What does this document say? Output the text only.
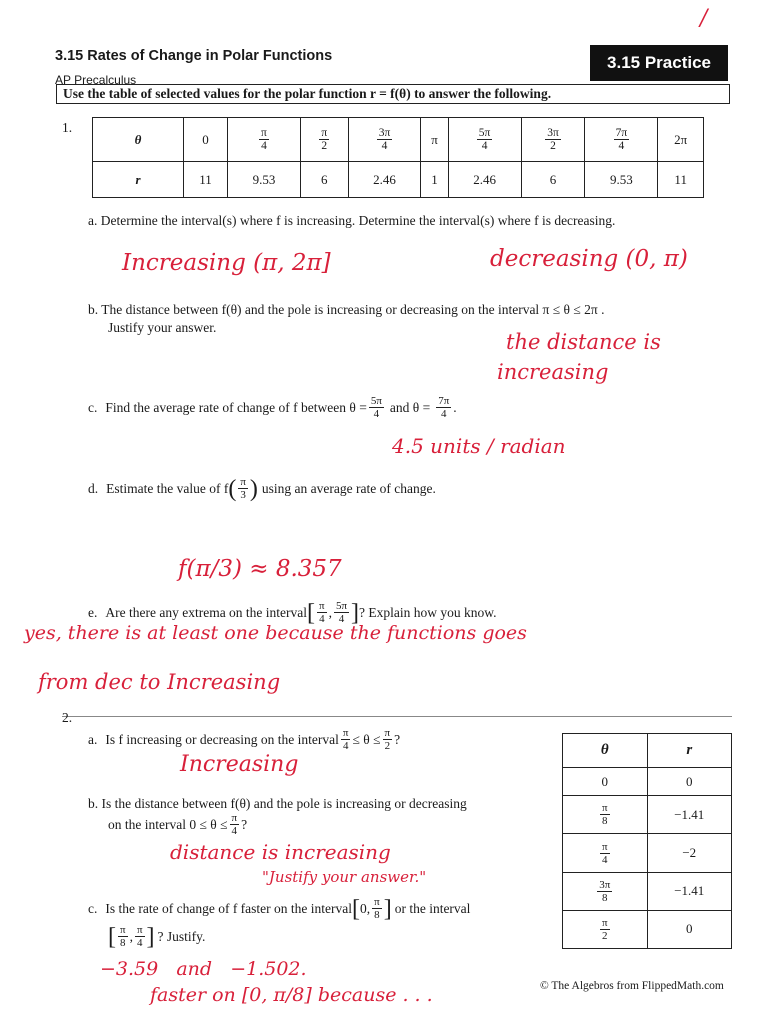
/
3.15 Rates of Change in Polar Functions
AP Precalculus
3.15 Practice
Use the table of selected values for the polar function r = f(θ) to answer the following.
1.
θ	0	$\frac{\pi}{4}$	$\frac{\pi}{2}$	$\frac{3\pi}{4}$	π	$\frac{5\pi}{4}$	$\frac{3\pi}{2}$	$\frac{7\pi}{4}$	2π
r	11	9.53	6	2.46	1	2.46	6	9.53	11
a. Determine the interval(s) where f is increasing. Determine the interval(s) where f is decreasing.
Increasing (π, 2π]	decreasing (0, π)
b. The distance between f(θ) and the pole is increasing or decreasing on the interval π ≤ θ ≤ 2π .
Justify your answer.
the distance is
increasing
c. Find the average rate of change of f between $\theta = \frac{5\pi}{4}$ and $\theta = \frac{7\pi}{4}$ .
4.5 units / radian
d. Estimate the value of f ( $\frac{\pi}{3}$ ) using an average rate of change.
f(π/3) ≈ 8.357
e. Are there any extrema on the interval [ $\frac{\pi}{4}$ , $\frac{5\pi}{4}$ ] ? Explain how you know.
yes, there is at least one because the functions goes
from dec to Increasing
2.
a. Is f increasing or decreasing on the interval $\frac{\pi}{4} \le \theta \le \frac{\pi}{2}$ ?
Increasing
b. Is the distance between f(θ) and the pole is increasing or decreasing
on the interval $0 \le \theta \le \frac{\pi}{4}$ ?
distance is increasing
"Justify your answer."
c. Is the rate of change of f faster on the interval [ 0 , $\frac{\pi}{8}$ ] or the interval
[ $\frac{\pi}{8}$ , $\frac{\pi}{4}$ ] ? Justify.
−3.59   and   −1.502.
faster on [0, π/8] because . . .
θ	r
0	0

$\frac{\pi}{8}$	−1.41

$\frac{\pi}{4}$	−2

$\frac{3\pi}{8}$	−1.41

$\frac{\pi}{2}$	0
© The Algebros from FlippedMath.com
